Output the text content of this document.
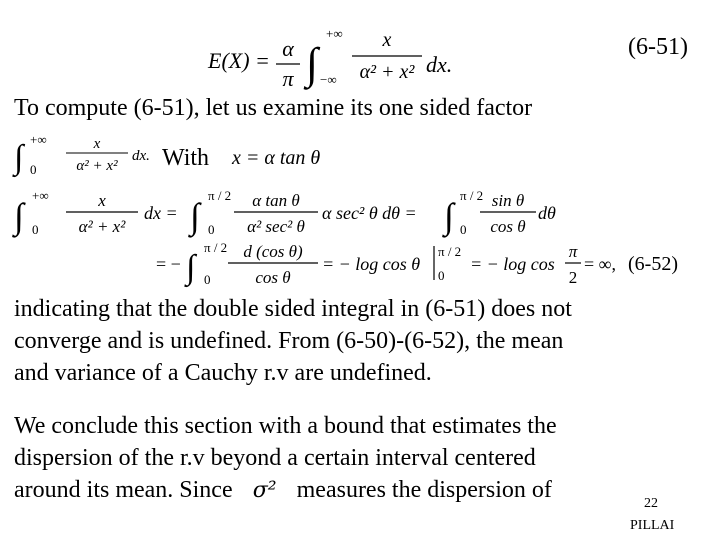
E(X) = α
π ∫
+∞
−∞
x
α² + x² dx.
(6-51)
To compute (6-51), let us examine its one sided factor
∫ +∞
0
x
α² + x²
dx. With x = α tan θ
∫
+∞
0
x
α² + x²
dx = ∫
π / 2
0
α tan θ
α² sec² θ
α sec² θ dθ = ∫
π / 2
0
sin θ
cos θ
dθ
= − ∫
π / 2
0
d (cos θ)
cos θ
= − log cos θ
π / 2
0
= − log cos
π
2
= ∞, (6-52)
indicating that the double sided integral in (6-51) does not
converge and is undefined. From (6-50)-(6-52), the mean
and variance of a Cauchy r.v are undefined.
We conclude this section with a bound that estimates the
dispersion of the r.v beyond a certain interval centered
around its mean. Since σ² measures the dispersion of
22
PILLAI
